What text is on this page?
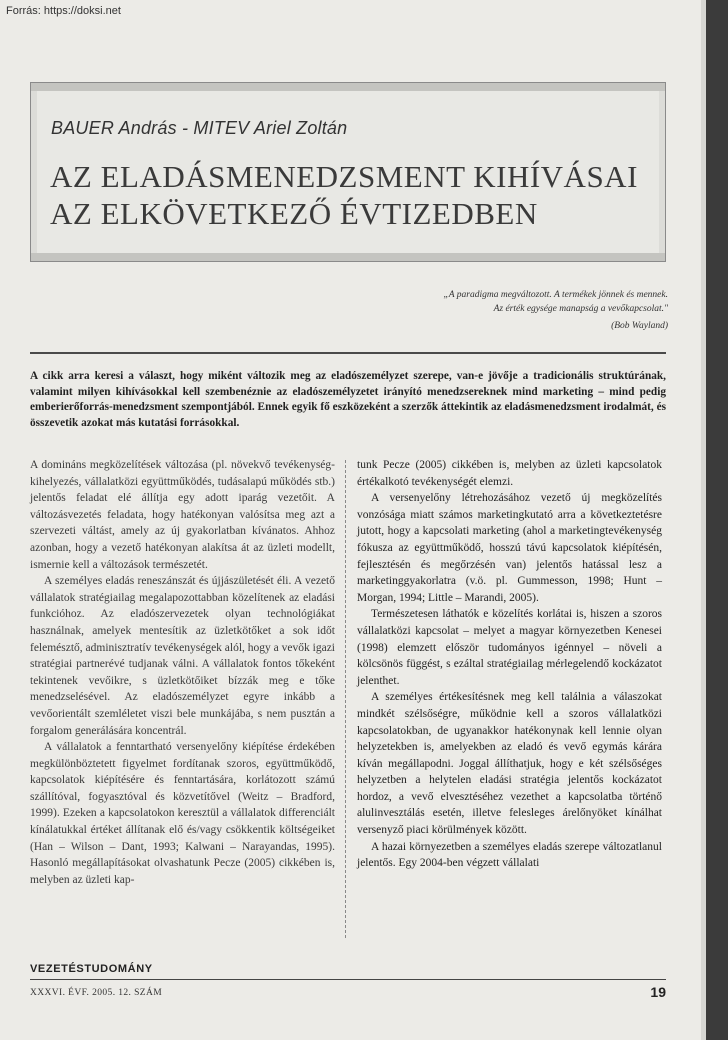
Forrás: https://doksi.net
BAUER András - MITEV Ariel Zoltán
AZ ELADÁSMENEDZSMENT KIHÍVÁSAI
AZ ELKÖVETKEZŐ ÉVTIZEDBEN
„A paradigma megváltozott. A termékek jönnek és mennek.
Az érték egysége manapság a vevőkapcsolat."
(Bob Wayland)
A cikk arra keresi a választ, hogy miként változik meg az eladószemélyzet szerepe, van-e jövője a tradicionális struktúrának, valamint milyen kihívásokkal kell szembenéznie az eladószemélyzetet irányító menedzsereknek mind marketing – mind pedig emberierőforrás-menedzsment szempontjából. Ennek egyik fő eszközeként a szerzők áttekintik az eladásmenedzsment irodalmát, és összevetik azokat más kutatási forrásokkal.

A domináns megközelítések változása (pl. növekvő tevékenység-kihelyezés, vállalatközi együttműködés, tudásalapú működés stb.) jelentős feladat elé állítja egy adott iparág vezetőit. A változásvezetés feladata, hogy hatékonyan valósítsa meg azt a szervezeti váltást, amely az új gyakorlatban kívánatos. Ahhoz azonban, hogy a vezető hatékonyan alakítsa át az üzleti modellt, ismernie kell a változások természetét.

A személyes eladás reneszánszát és újjászületését éli. A vezető vállalatok stratégiailag megalapozottabban közelítenek az eladási funkcióhoz. Az eladószervezetek olyan technológiákat használnak, amelyek mentesítik az üzletkötőket a sok időt felemésztő, adminisztratív tevékenységek alól, hogy a vevők igazi stratégiai partnerévé tudjanak válni. A vállalatok fontos tőkeként tekintenek vevőikre, s üzletkötőiket bízzák meg e tőke menedzselésével. Az eladószemélyzet egyre inkább a vevőorientált szemléletet viszi bele munkájába, s nem pusztán a forgalom generálására koncentrál.

A vállalatok a fenntartható versenyelőny kiépítése érdekében megkülönböztetett figyelmet fordítanak szoros, együttműködő, kapcsolatok kiépítésére és fenntartására, korlátozott számú szállítóval, fogyasztóval és közvetítővel (Weitz – Bradford, 1999). Ezeken a kapcsolatokon keresztül a vállalatok differenciált kínálatukkal értéket állítanak elő és/vagy csökkentik költségeiket (Han – Wilson – Dant, 1993; Kalwani – Narayandas, 1995). Hasonló megállapításokat olvashatunk Pecze (2005) cikkében is, melyben az üzleti kap-

tunk Pecze (2005) cikkében is, melyben az üzleti kapcsolatok értékalkotó tevékenységét elemzi.

A versenyelőny létrehozásához vezető új megközelítés vonzósága miatt számos marketingkutató arra a következtetésre jutott, hogy a kapcsolati marketing (ahol a marketingtevékenység fókusza az együttműködő, hosszú távú kapcsolatok kiépítésén, fejlesztésén és megőrzésén van) jelentős hatással lesz a marketinggyakorlatra (v.ö. pl. Gummesson, 1998; Hunt – Morgan, 1994; Little – Marandi, 2005).

Természetesen láthatók e közelítés korlátai is, hiszen a szoros vállalatközi kapcsolat – melyet a magyar környezetben Kenesei (1998) elemzett először tudományos igénnyel – növeli a kölcsönös függést, s ezáltal stratégiailag mérlegelendő kockázatot jelenthet.

A személyes értékesítésnek meg kell találnia a válaszokat mindkét szélsőségre, működnie kell a szoros vállalatközi kapcsolatokban, de ugyanakkor hatékonynak kell lennie olyan helyzetekben is, amelyekben az eladó és vevő egymás kárára kíván megállapodni. Joggal állíthatjuk, hogy e két szélsőséges helyzetben a helytelen eladási stratégia jelentős kockázatot hordoz, a vevő elvesztéséhez vezethet a kapcsolatba történő alulinvesztálás esetén, illetve felesleges árelőnyöket kínálhat versenyző piaci körülmények között.

A hazai környezetben a személyes eladás szerepe változatlanul jelentős. Egy 2004-ben végzett vállalati

VEZETÉSTUDOMÁNY
XXXVI. ÉVF. 2005. 12. SZÁM	19
